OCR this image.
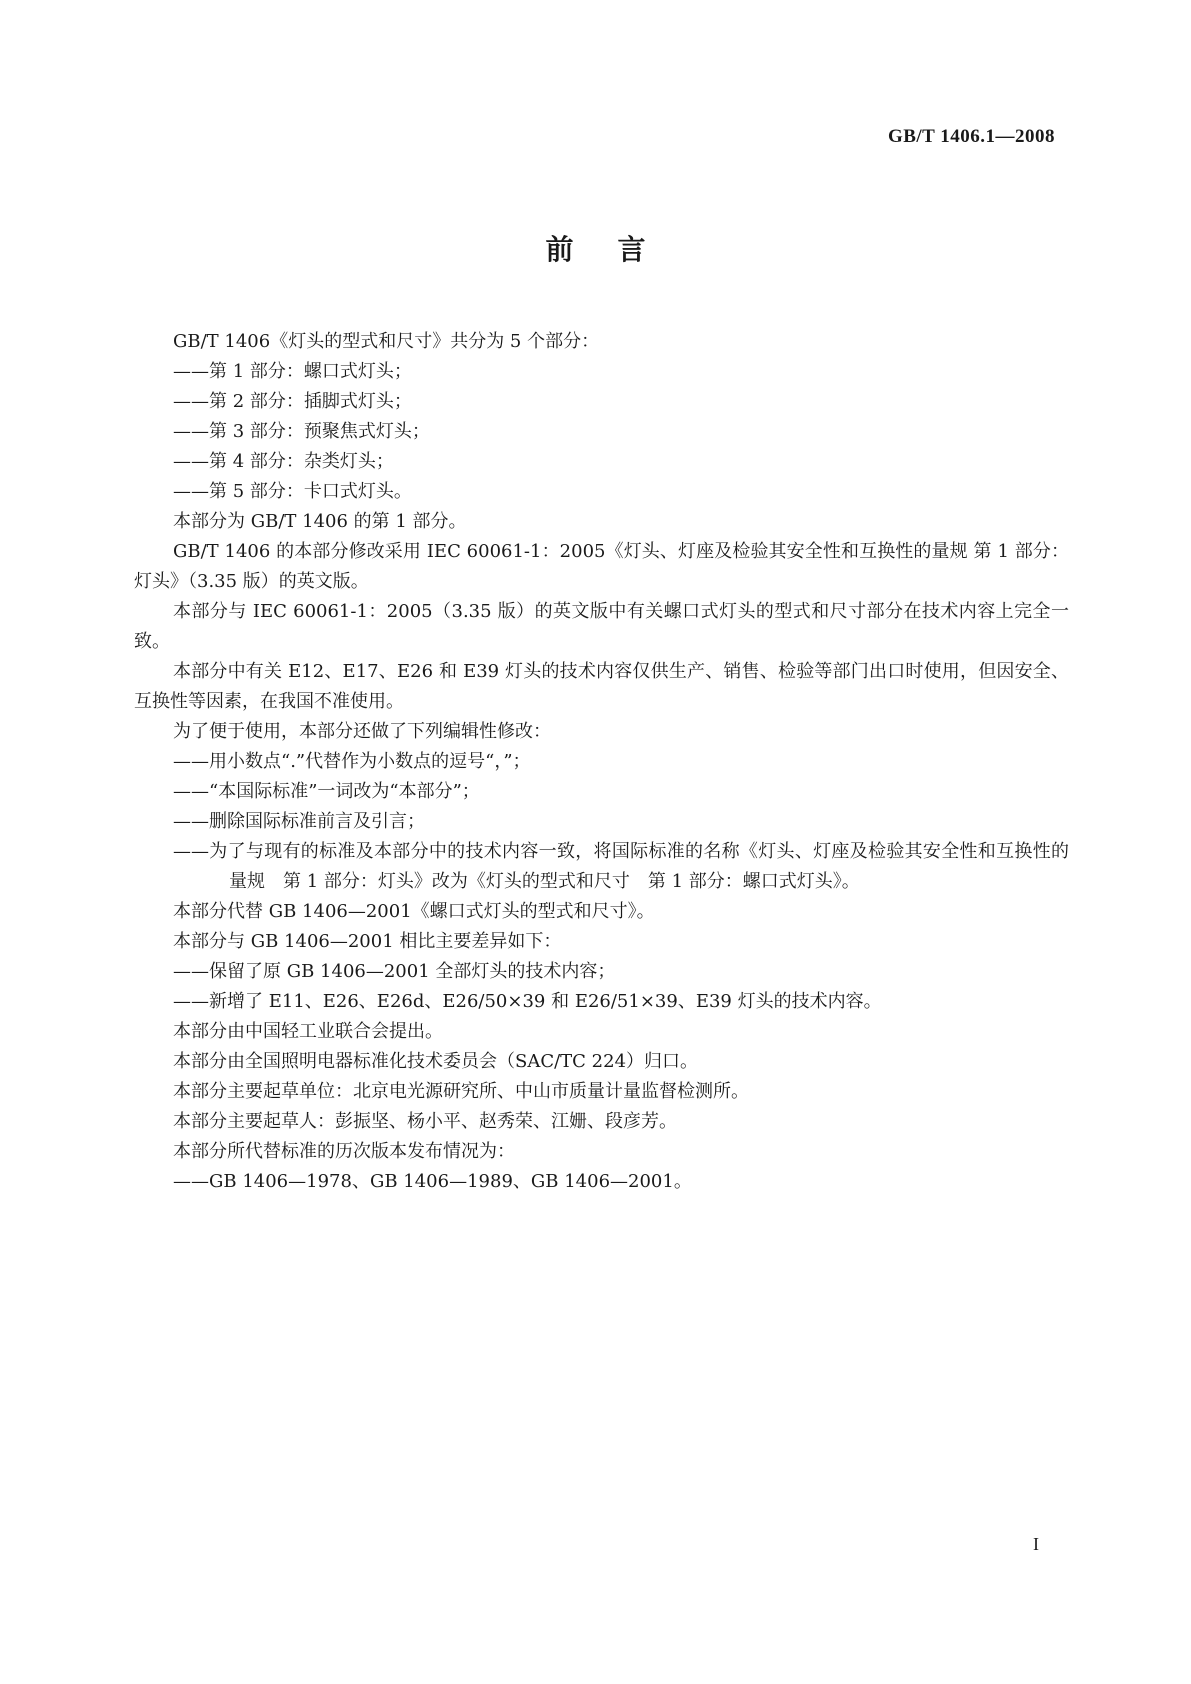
GB/T 1406.1—2008
前言

GB/T 1406《灯头的型式和尺寸》共分为 5 个部分：

——第 1 部分：螺口式灯头；

——第 2 部分：插脚式灯头；

——第 3 部分：预聚焦式灯头；

——第 4 部分：杂类灯头；

——第 5 部分：卡口式灯头。

本部分为 GB/T 1406 的第 1 部分。

GB/T 1406 的本部分修改采用 IEC 60061-1：2005《灯头、灯座及检验其安全性和互换性的量规 第 1 部分：灯头》（3.35 版）的英文版。

本部分与 IEC 60061-1：2005（3.35 版）的英文版中有关螺口式灯头的型式和尺寸部分在技术内容上完全一致。

本部分中有关 E12、E17、E26 和 E39 灯头的技术内容仅供生产、销售、检验等部门出口时使用，但因安全、互换性等因素，在我国不准使用。

为了便于使用，本部分还做了下列编辑性修改：

——用小数点“.”代替作为小数点的逗号“，”；

——“本国际标准”一词改为“本部分”；

——删除国际标准前言及引言；

——为了与现有的标准及本部分中的技术内容一致，将国际标准的名称《灯头、灯座及检验其安全性和互换性的量规　第 1 部分：灯头》改为《灯头的型式和尺寸　第 1 部分：螺口式灯头》。

本部分代替 GB 1406—2001《螺口式灯头的型式和尺寸》。

本部分与 GB 1406—2001 相比主要差异如下：

——保留了原 GB 1406—2001 全部灯头的技术内容；

——新增了 E11、E26、E26d、E26/50×39 和 E26/51×39、E39 灯头的技术内容。

本部分由中国轻工业联合会提出。

本部分由全国照明电器标准化技术委员会（SAC/TC 224）归口。

本部分主要起草单位：北京电光源研究所、中山市质量计量监督检测所。

本部分主要起草人：彭振坚、杨小平、赵秀荣、江姗、段彦芳。

本部分所代替标准的历次版本发布情况为：

——GB 1406—1978、GB 1406—1989、GB 1406—2001。

I
